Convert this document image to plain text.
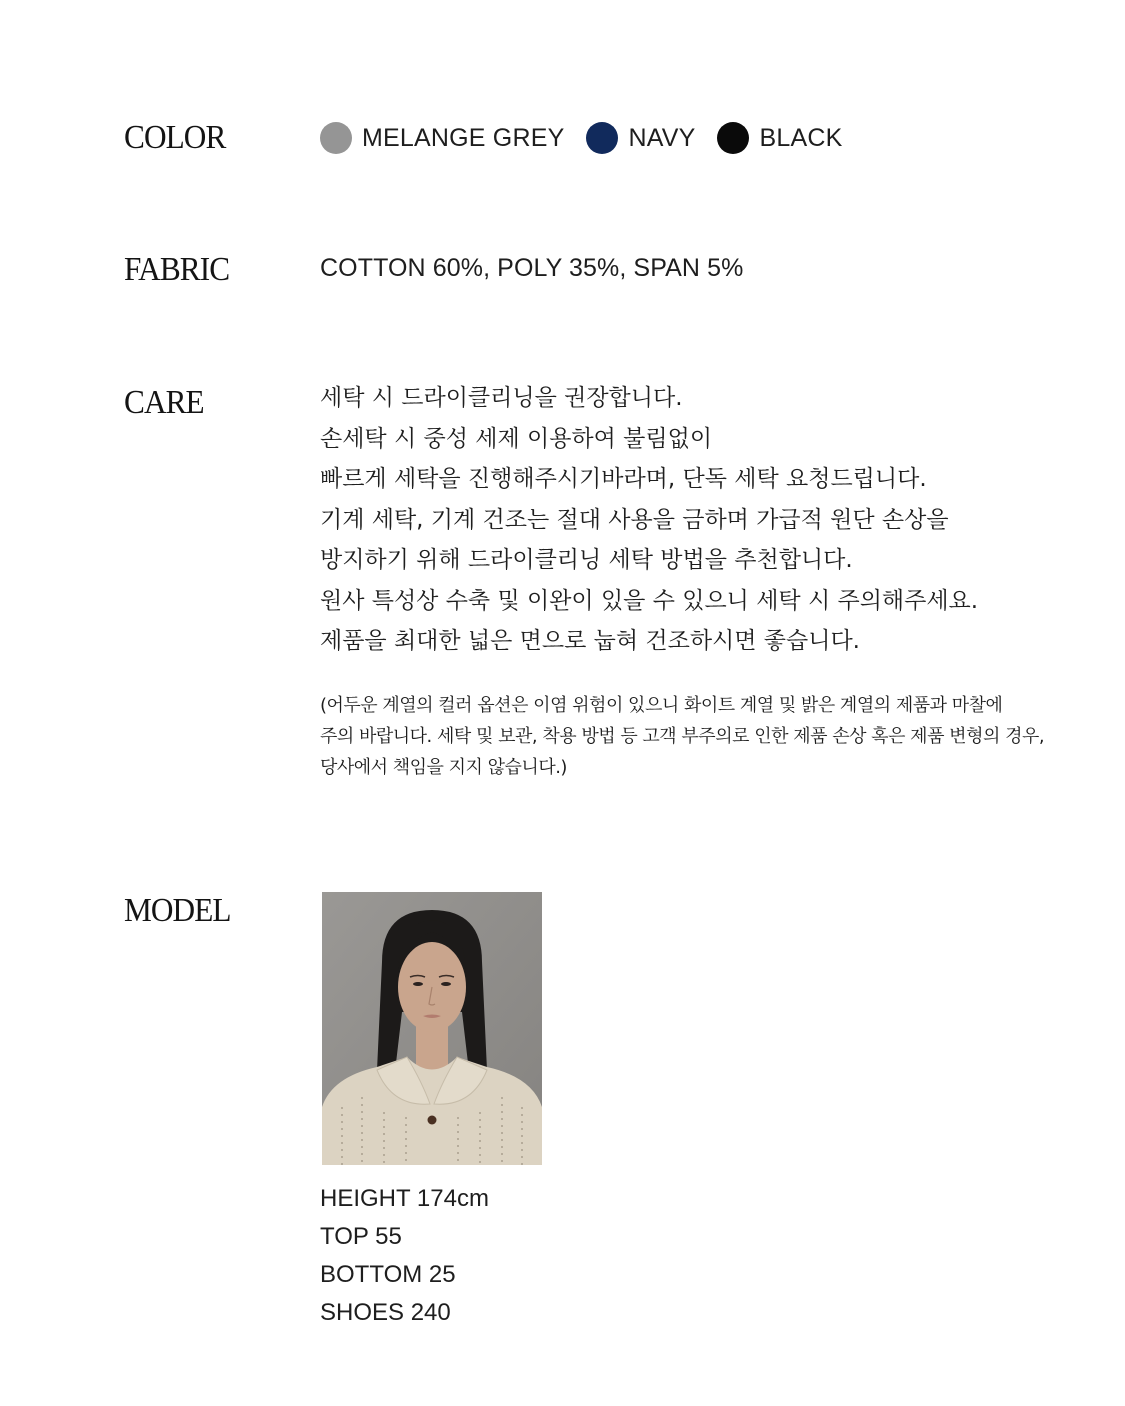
COLOR	MELANGE GREY	NAVY	BLACK
FABRIC	COTTON 60%, POLY 35%, SPAN 5%
CARE	세탁 시 드라이클리닝을 권장합니다.
손세탁 시 중성 세제 이용하여 불림없이
빠르게 세탁을 진행해주시기바라며, 단독 세탁 요청드립니다.
기계 세탁, 기계 건조는 절대 사용을 금하며 가급적 원단 손상을
방지하기 위해 드라이클리닝 세탁 방법을 추천합니다.
원사 특성상 수축 및 이완이 있을 수 있으니 세탁 시 주의해주세요.
제품을 최대한 넓은 면으로 눕혀 건조하시면 좋습니다.
(어두운 계열의 컬러 옵션은 이염 위험이 있으니 화이트 계열 및 밝은 계열의 제품과 마찰에
주의 바랍니다. 세탁 및 보관, 착용 방법 등 고객 부주의로 인한 제품 손상 혹은 제품 변형의 경우,
당사에서 책임을 지지 않습니다.)
MODEL
HEIGHT 174cm
TOP 55
BOTTOM 25
SHOES 240
